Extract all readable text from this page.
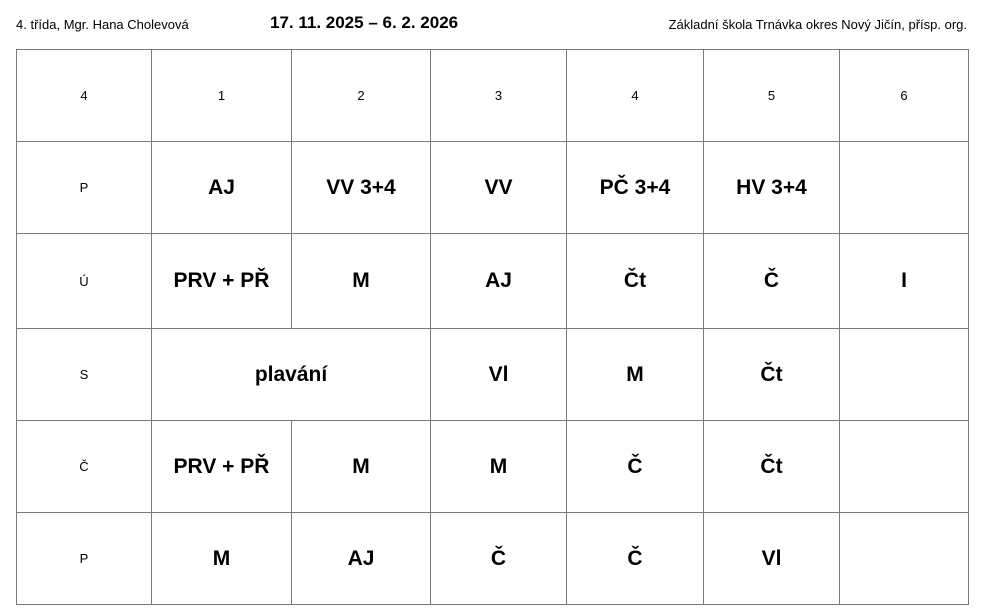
4. třída, Mgr. Hana Cholevová	17. 11. 2025 – 6. 2. 2026	Základní škola Trnávka okres Nový Jičín, přísp. org.
4	1	2	3	4	5	6
P	AJ	VV 3+4	VV	PČ 3+4	HV 3+4	
Ú	PRV + PŘ	M	AJ	Čt	Č	I
S	plavání		Vl	M	Čt	
Č	PRV + PŘ	M	M	Č	Čt	
P	M	AJ	Č	Č	Vl	
